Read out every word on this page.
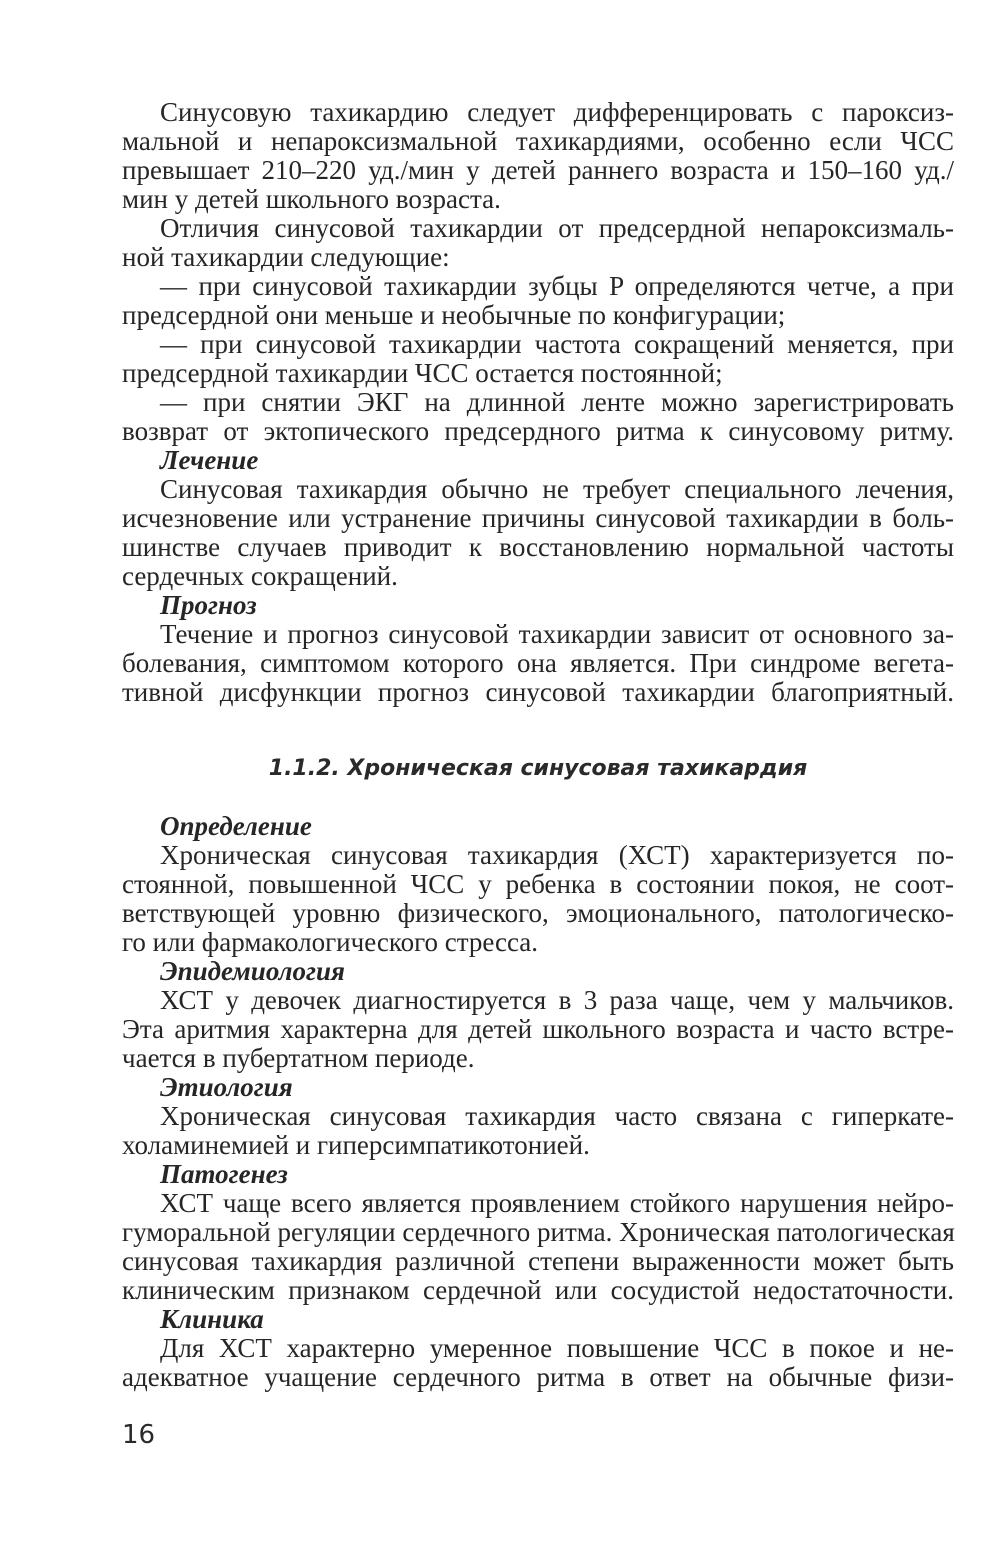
Синусовую тахикардию следует дифференцировать с пароксиз-
мальной и непароксизмальной тахикардиями, особенно если ЧСС
превышает 210–220 уд./мин у детей раннего возраста и 150–160 уд./
мин у детей школьного возраста.
Отличия синусовой тахикардии от предсердной непароксизмаль-
ной тахикардии следующие:
— при синусовой тахикардии зубцы P определяются четче, а при
предсердной они меньше и необычные по конфигурации;
— при синусовой тахикардии частота сокращений меняется, при
предсердной тахикардии ЧСС остается постоянной;
— при снятии ЭКГ на длинной ленте можно зарегистрировать
возврат от эктопического предсердного ритма к синусовому ритму.
Лечение
Синусовая тахикардия обычно не требует специального лечения,
исчезновение или устранение причины синусовой тахикардии в боль-
шинстве случаев приводит к восстановлению нормальной частоты
сердечных сокращений.
Прогноз
Течение и прогноз синусовой тахикардии зависит от основного за-
болевания, симптомом которого она является. При синдроме вегета-
тивной дисфункции прогноз синусовой тахикардии благоприятный.
1.1.2. Хроническая синусовая тахикардия
Определение
Хроническая синусовая тахикардия (ХСТ) характеризуется по-
стоянной, повышенной ЧСС у ребенка в состоянии покоя, не соот-
ветствующей уровню физического, эмоционального, патологическо-
го или фармакологического стресса.
Эпидемиология
ХСТ у девочек диагностируется в 3 раза чаще, чем у мальчиков.
Эта аритмия характерна для детей школьного возраста и часто встре-
чается в пубертатном периоде.
Этиология
Хроническая синусовая тахикардия часто связана с гиперкате-
холаминемией и гиперсимпатикотонией.
Патогенез
ХСТ чаще всего является проявлением стойкого нарушения нейро-
гуморальной регуляции сердечного ритма. Хроническая патологическая
синусовая тахикардия различной степени выраженности может быть
клиническим признаком сердечной или сосудистой недостаточности.
Клиника
Для ХСТ характерно умеренное повышение ЧСС в покое и не-
адекватное учащение сердечного ритма в ответ на обычные физи-
16
